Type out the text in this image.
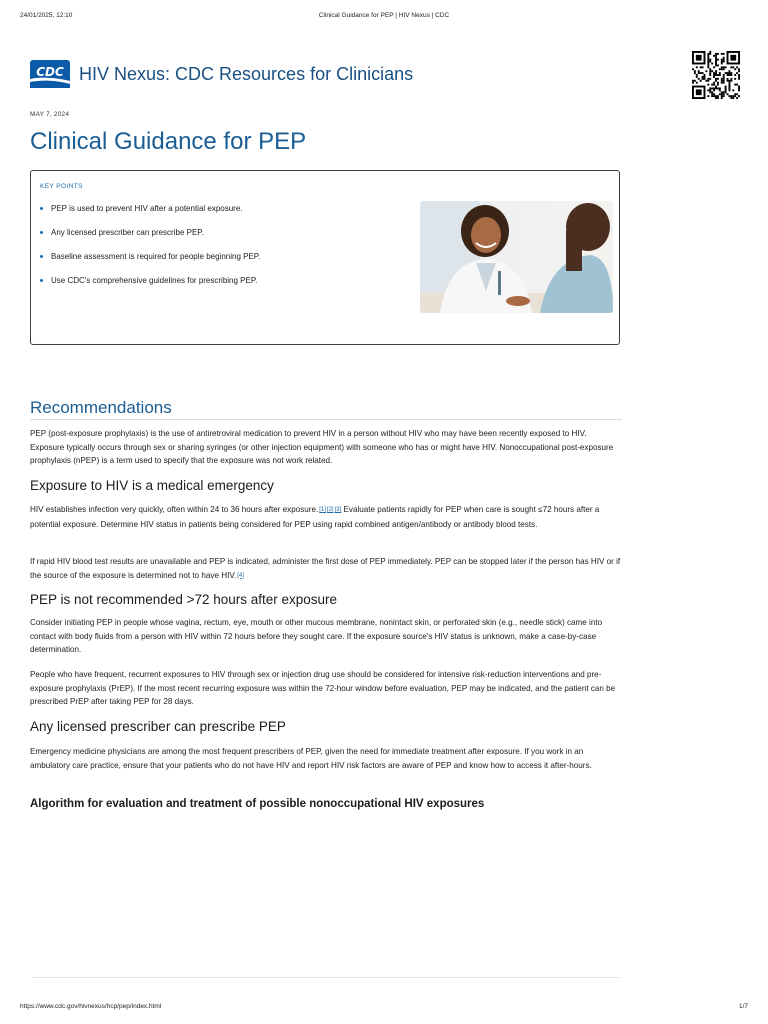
24/01/2025, 12:10	Clinical Guidance for PEP | HIV Nexus | CDC
CDC HIV Nexus: CDC Resources for Clinicians
MAY 7, 2024
Clinical Guidance for PEP
KEY POINTS
PEP is used to prevent HIV after a potential exposure.
Any licensed prescriber can prescribe PEP.
Baseline assessment is required for people beginning PEP.
Use CDC's comprehensive guidelines for prescribing PEP.
Recommendations

PEP (post-exposure prophylaxis) is the use of antiretroviral medication to prevent HIV in a person without HIV who may have been recently exposed to HIV. Exposure typically occurs through sex or sharing syringes (or other injection equipment) with someone who has or might have HIV. Nonoccupational post-exposure prophylaxis (nPEP) is a term used to specify that the exposure was not work related.

Exposure to HIV is a medical emergency

HIV establishes infection very quickly, often within 24 to 36 hours after exposure.[1][2][3] Evaluate patients rapidly for PEP when care is sought ≤72 hours after a potential exposure. Determine HIV status in patients being considered for PEP using rapid combined antigen/antibody or antibody blood tests.

If rapid HIV blood test results are unavailable and PEP is indicated, administer the first dose of PEP immediately. PEP can be stopped later if the person has HIV or if the source of the exposure is determined not to have HIV.[4]

PEP is not recommended >72 hours after exposure

Consider initiating PEP in people whose vagina, rectum, eye, mouth or other mucous membrane, nonintact skin, or perforated skin (e.g., needle stick) came into contact with body fluids from a person with HIV within 72 hours before they sought care. If the exposure source's HIV status is unknown, make a case-by-case determination.

People who have frequent, recurrent exposures to HIV through sex or injection drug use should be considered for intensive risk-reduction interventions and pre-exposure prophylaxis (PrEP). If the most recent recurring exposure was within the 72-hour window before evaluation, PEP may be indicated, and the patient can be prescribed PrEP after taking PEP for 28 days.

Any licensed prescriber can prescribe PEP

Emergency medicine physicians are among the most frequent prescribers of PEP, given the need for immediate treatment after exposure. If you work in an ambulatory care practice, ensure that your patients who do not have HIV and report HIV risk factors are aware of PEP and know how to access it after-hours.

Algorithm for evaluation and treatment of possible nonoccupational HIV exposures
https://www.cdc.gov/hivnexus/hcp/pep/index.html	1/7
